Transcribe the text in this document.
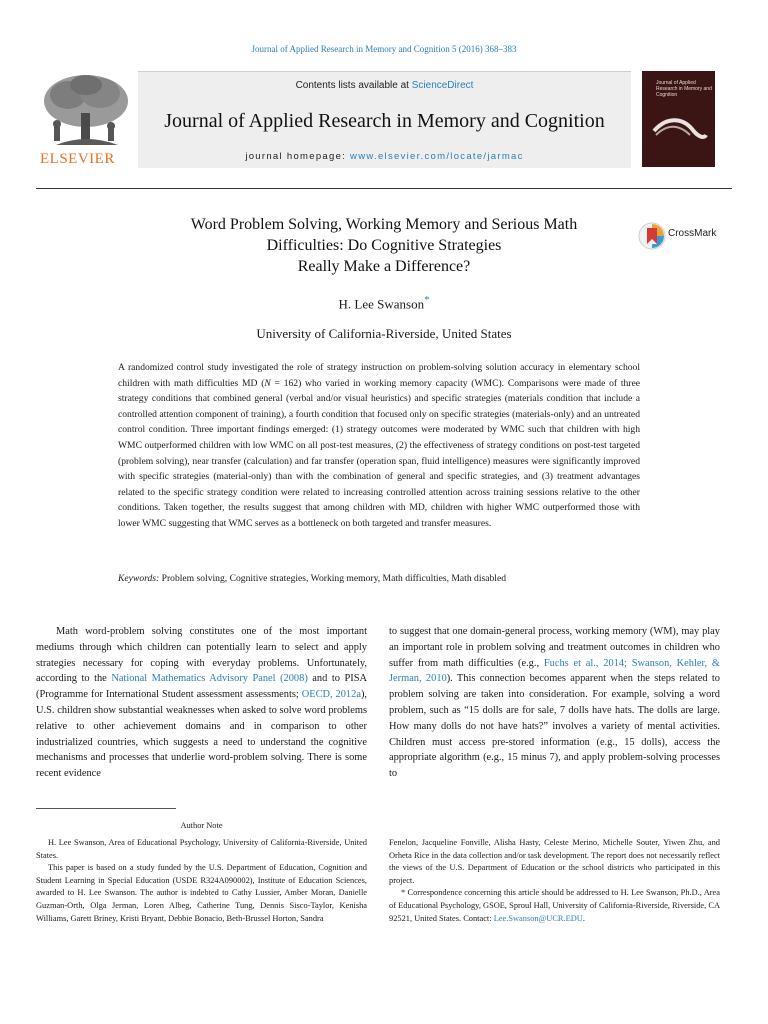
Journal of Applied Research in Memory and Cognition 5 (2016) 368–383
ELSEVIER
Contents lists available at ScienceDirect
Journal of Applied Research in Memory and Cognition
journal homepage: www.elsevier.com/locate/jarmac
Journal of Applied Research in Memory and Cognition
Word Problem Solving, Working Memory and Serious Math
Difficulties: Do Cognitive Strategies
Really Make a Difference?
CrossMark
H. Lee Swanson*
University of California-Riverside, United States
A randomized control study investigated the role of strategy instruction on problem-solving solution accuracy in elementary school children with math difficulties MD (N = 162) who varied in working memory capacity (WMC). Comparisons were made of three strategy conditions that combined general (verbal and/or visual heuristics) and specific strategies (materials condition that include a controlled attention component of training), a fourth condition that focused only on specific strategies (materials-only) and an untreated control condition. Three important findings emerged: (1) strategy outcomes were moderated by WMC such that children with high WMC outperformed children with low WMC on all post-test measures, (2) the effectiveness of strategy conditions on post-test targeted (problem solving), near transfer (calculation) and far transfer (operation span, fluid intelligence) measures were significantly improved with specific strategies (material-only) than with the combination of general and specific strategies, and (3) treatment advantages related to the specific strategy condition were related to increasing controlled attention across training sessions relative to the other conditions. Taken together, the results suggest that among children with MD, children with higher WMC outperformed those with lower WMC suggesting that WMC serves as a bottleneck on both targeted and transfer measures.
Keywords: Problem solving, Cognitive strategies, Working memory, Math difficulties, Math disabled
Math word-problem solving constitutes one of the most important mediums through which children can potentially learn to select and apply strategies necessary for coping with everyday problems. Unfortunately, according to the National Mathematics Advisory Panel (2008) and to PISA (Programme for International Student assessment assessments; OECD, 2012a), U.S. children show substantial weaknesses when asked to solve word problems relative to other achievement domains and in comparison to other industrialized countries, which suggests a need to understand the cognitive mechanisms and processes that underlie word-problem solving. There is some recent evidence
to suggest that one domain-general process, working memory (WM), may play an important role in problem solving and treatment outcomes in children who suffer from math difficulties (e.g., Fuchs et al., 2014; Swanson, Kehler, & Jerman, 2010). This connection becomes apparent when the steps related to problem solving are taken into consideration. For example, solving a word problem, such as “15 dolls are for sale, 7 dolls have hats. The dolls are large. How many dolls do not have hats?” involves a variety of mental activities. Children must access pre-stored information (e.g., 15 dolls), access the appropriate algorithm (e.g., 15 minus 7), and apply problem-solving processes to
Author Note

H. Lee Swanson, Area of Educational Psychology, University of California-Riverside, United States.

This paper is based on a study funded by the U.S. Department of Education, Cognition and Student Learning in Special Education (USDE R324A090002), Institute of Education Sciences, awarded to H. Lee Swanson. The author is indebted to Cathy Lussier, Amber Moran, Danielle Guzman-Orth, Olga Jerman, Loren Albeg, Catherine Tung, Dennis Sisco-Taylor, Kenisha Williams, Garett Briney, Kristi Bryant, Debbie Bonacio, Beth-Brussel Horton, Sandra

Fenelon, Jacqueline Fonville, Alisha Hasty, Celeste Merino, Michelle Souter, Yiwen Zhu, and Orheta Rice in the data collection and/or task development. The report does not necessarily reflect the views of the U.S. Department of Education or the school districts who participated in this project.

* Correspondence concerning this article should be addressed to H. Lee Swanson, Ph.D., Area of Educational Psychology, GSOE, Sproul Hall, University of California-Riverside, Riverside, CA 92521, United States. Contact: Lee.Swanson@UCR.EDU.
